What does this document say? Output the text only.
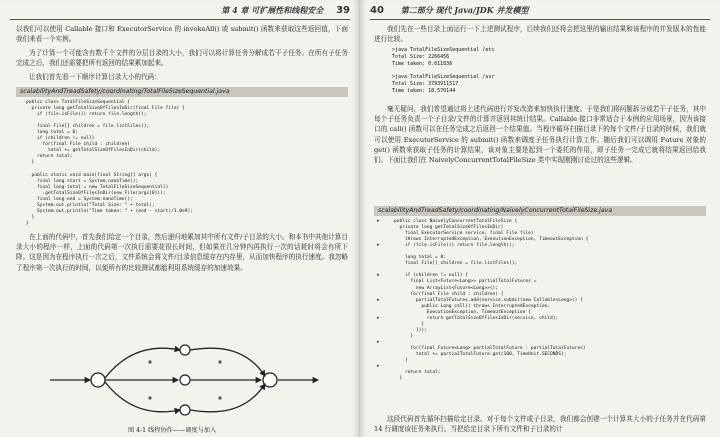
第 4 章 可扩展性和线程安全 39
以我们可以使用 Callable 接口和 ExecutorService 的 invokeAll() 或 submit() 函数来获取这些返回值，下面我们来看一个实例。
为了计算一个可能含有数千个文件的分层目录的大小，我们可以将计算任务分解成若干子任务。在所有子任务完成之后，我们还需要把所有返回的结果累加起来。
让我们首先看一下顺序计算目录大小的代码：
scalabilityAndTreadSafety/coordinating/TotalFileSizeSequential.java
public class TotalFileSizeSequential {
private long getTotalSizeOfFilesInDir(final File file) {
if (file.isFile()) return file.length();

final File[] children = file.listFiles();
long total = 0;
if (children != null)
for(final File child : children)
total += getTotalSizeOfFilesInDir(child);
return total;
}

public static void main(final String[] args) {
final long start = System.nanoTime();
final long total = new TotalFileSizeSequential()
.getTotalSizeOfFilesInDir(new File(args[0]));
final long end = System.nanoTime();
System.out.println("Total Size: " + total);
System.out.println("Time taken: " + (end - start)/1.0e9);
}
}
在上面的代码中，首先我们给定一个目录，然后递归地累加其中所有文件/子目录的大小。和本书中其他计算目录大小的程序一样，上面的代码第一次执行需要花很长时间，但如果在几分钟内再执行一次的话耗时将会有所下降。这是因为在程序执行一次之后，文件系统会将文件/目录信息缓存在内存里，从而加快程序的执行速度。我忽略了程序第一次执行的时间，以便所有的比较测试都能利用系统缓存的加速效果。
图 4-1 线程协作——调度与加入
40 第二部分 现代 Java/JDK 并发模型
我们先在一些目录上面运行一下上述测试程序，后续我们还将会把这里的输出结果和该程序的并发版本的性能进行比较。
>java TotalFileSizeSequential /etc
Total Size: 2266456
Time taken: 0.011836

>java TotalFileSizeSequential /usr
Total Size: 3793911517
Time taken: 18.570144
毫无疑问，我们希望通过将上述代码进行并发改造来加快执行速度。于是我们将问题拆分成若干子任务，其中每个子任务负责一个子目录/文件的计算并返回其统计结果。Callable 接口非常适合于本例的应用场景，因为该接口的 call() 函数可以在任务完成之后返回一个结果值。当程序循环扫描目录下的每个文件/子目录的时候，我们就可以使用 ExecutorService 的 submit() 函数来调度子任务执行计算工作。随后我们可以调用 Future 对象的 get() 函数来获取子任务的计算结果，该对象主要是起到一个委托的作用，即子任务一完成它就将结果返回给我们。下面让我们在 NaivelyConcurrentTotalFileSize 类中实现刚刚讨论过的这些逻辑。
scalabilityAndTreadSafety/coordinating/NaivelyConcurrentTotalFileSize.java
public class NaivelyConcurrentTotalFileSize {
private long getTotalSizeOfFilesInDir(
final ExecutorService service, final File file)
throws InterruptedException, ExecutionException, TimeoutException {
if (file.isFile()) return file.length();

long total = 0;
final File[] children = file.listFiles();

if (children != null) {
final List<Future<Long>> partialTotalFutures =
new ArrayList<Future<Long>>();
for(final File child : children) {
partialTotalFutures.add(service.submit(new Callable<Long>() {
public Long call() throws InterruptedException,
ExecutionException, TimeoutException {
return getTotalSizeOfFilesInDir(service, child);
}
}));
}

for(final Future<Long> partialTotalFuture : partialTotalFutures)
total += partialTotalFuture.get(100, TimeUnit.SECONDS);
}

return total;
}
▸
▸
▸
▸
▸
▸
▸
这段代码首先循环扫描给定目录。对于每个文件或子目录，我们都会创建一个计算其大小的子任务并在代码第 14 行调度该任务来执行。当把给定目录下所有文件和子目录的计
